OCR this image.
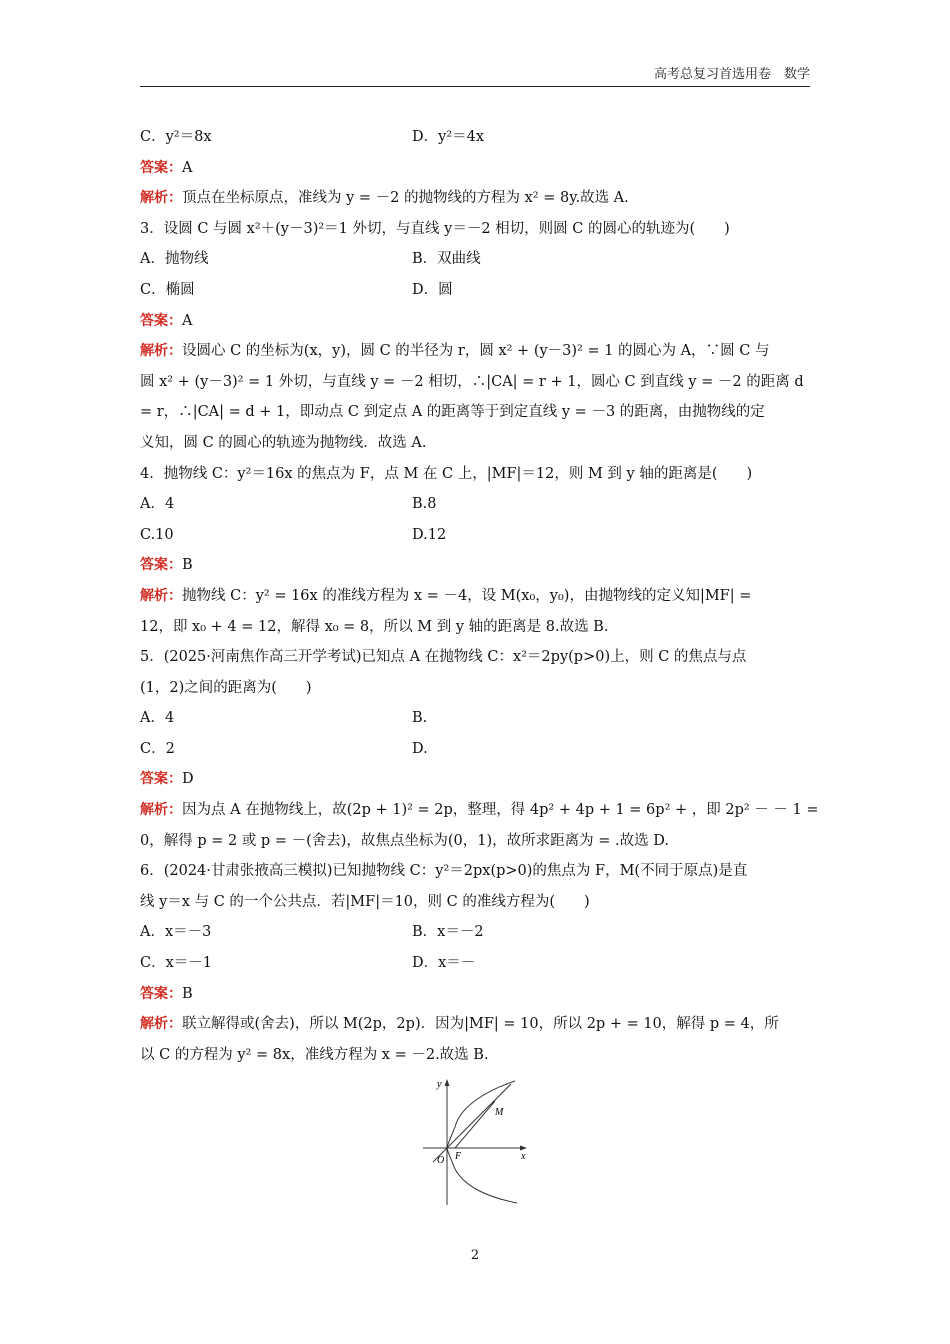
高考总复习首选用卷　数学
C．y²＝8x	D．y²＝4x
答案：A
解析：顶点在坐标原点，准线为 y = －2 的抛物线的方程为 x² = 8y.故选 A.
3．设圆 C 与圆 x²＋(y－3)²＝1 外切，与直线 y＝－2 相切，则圆 C 的圆心的轨迹为(　　)
A．抛物线	B．双曲线
C．椭圆	D．圆
答案：A
解析：设圆心 C 的坐标为(x，y)，圆 C 的半径为 r，圆 x² + (y－3)² = 1 的圆心为 A，∵圆 C 与
圆 x² + (y－3)² = 1 外切，与直线 y = －2 相切，∴|CA| = r + 1，圆心 C 到直线 y = －2 的距离 d
= r，∴|CA| = d + 1，即动点 C 到定点 A 的距离等于到定直线 y = －3 的距离，由抛物线的定
义知，圆 C 的圆心的轨迹为抛物线．故选 A.
4．抛物线 C：y²＝16x 的焦点为 F，点 M 在 C 上，|MF|＝12，则 M 到 y 轴的距离是(　　)
A．4	B.8
C.10	D.12
答案：B
解析：抛物线 C：y² = 16x 的准线方程为 x = －4，设 M(x₀，y₀)，由抛物线的定义知|MF| =
12，即 x₀ + 4 = 12，解得 x₀ = 8，所以 M 到 y 轴的距离是 8.故选 B.
5．(2025·河南焦作高三开学考试)已知点 A 在抛物线 C：x²＝2py(p>0)上，则 C 的焦点与点
(1，2)之间的距离为(　　)
A．4	B.
C．2	D.
答案：D
解析：因为点 A 在抛物线上，故(2p + 1)² = 2p，整理，得 4p² + 4p + 1 = 6p² + ，即 2p² － － 1 =
0，解得 p = 2 或 p = －(舍去)，故焦点坐标为(0，1)，故所求距离为 = .故选 D.
6．(2024·甘肃张掖高三模拟)已知抛物线 C：y²＝2px(p>0)的焦点为 F，M(不同于原点)是直
线 y＝x 与 C 的一个公共点．若|MF|＝10，则 C 的准线方程为(　　)
A．x＝－3	B．x＝－2
C．x＝－1	D．x＝－
答案：B
解析：联立解得或(舍去)，所以 M(2p，2p)．因为|MF| = 10，所以 2p + = 10，解得 p = 4，所
以 C 的方程为 y² = 8x，准线方程为 x = －2.故选 B.
y
x
O F
M
2
